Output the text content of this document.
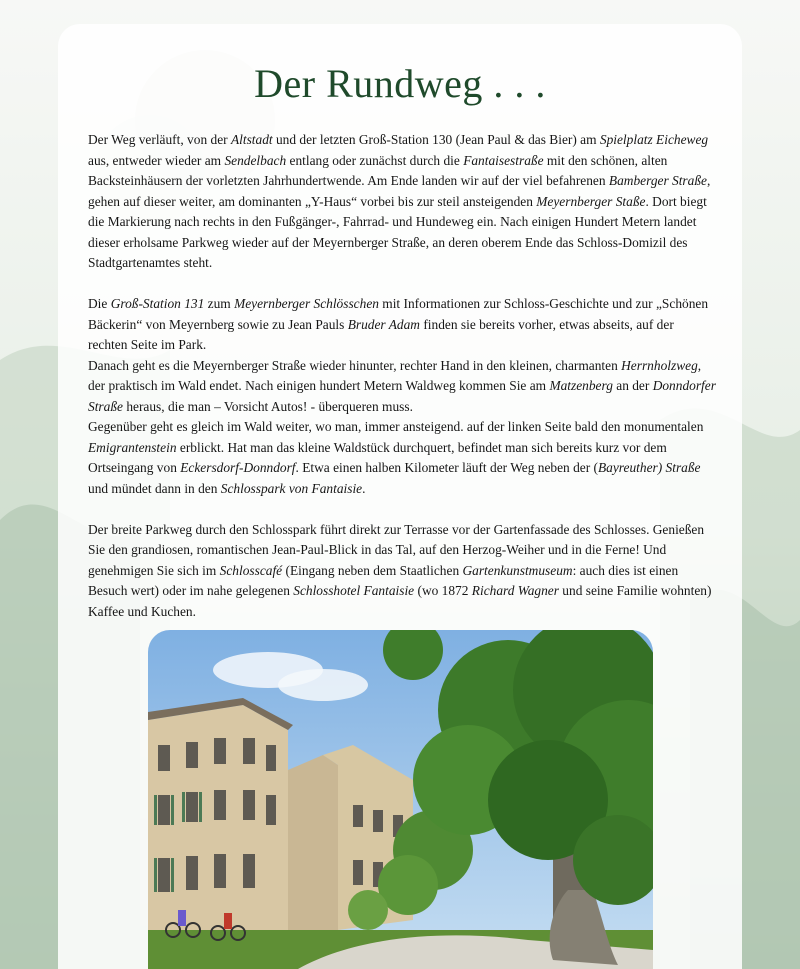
Der Rundweg . . .

Der Weg verläuft, von der Altstadt und der letzten Groß-Station 130 (Jean Paul & das Bier) am Spielplatz Eicheweg aus, entweder wieder am Sendelbach entlang oder zunächst durch die Fantaisestraße mit den schönen, alten Backsteinhäusern der vorletzten Jahrhundertwende. Am Ende landen wir auf der viel befahrenen Bamberger Straße, gehen auf dieser weiter, am dominanten „Y-Haus“ vorbei bis zur steil ansteigenden Meyernberger Staße. Dort biegt die Markierung nach rechts in den Fußgänger-, Fahrrad- und Hundeweg ein. Nach einigen Hundert Metern landet dieser erholsame Parkweg wieder auf der Meyernberger Straße, an deren oberem Ende das Schloss-Domizil des Stadtgartenamtes steht.

Die Groß-Station 131 zum Meyernberger Schlösschen mit Informationen zur Schloss-Geschichte und zur „Schönen Bäckerin“ von Meyernberg sowie zu Jean Pauls Bruder Adam finden sie bereits vorher, etwas abseits, auf der rechten Seite im Park.
Danach geht es die Meyernberger Straße wieder hinunter, rechter Hand in den kleinen, charmanten Herrnholzweg, der praktisch im Wald endet. Nach einigen hundert Metern Waldweg kommen Sie am Matzenberg an der Donndorfer Straße heraus, die man – Vorsicht Autos! - überqueren muss.
Gegenüber geht es gleich im Wald weiter, wo man, immer ansteigend. auf der linken Seite bald den monumentalen Emigrantenstein erblickt. Hat man das kleine Waldstück durchquert, befindet man sich bereits kurz vor dem Ortseingang von Eckersdorf-Donndorf. Etwa einen halben Kilometer läuft der Weg neben der (Bayreuther) Straße und mündet dann in den Schlosspark von Fantaisie.

Der breite Parkweg durch den Schlosspark führt direkt zur Terrasse vor der Gartenfassade des Schlosses. Genießen Sie den grandiosen, romantischen Jean-Paul-Blick in das Tal, auf den Herzog-Weiher und in die Ferne! Und genehmigen Sie sich im Schlosscafé (Eingang neben dem Staatlichen Gartenkunstmuseum: auch dies ist einen Besuch wert) oder im nahe gelegenen Schlosshotel Fantaisie (wo 1872 Richard Wagner und seine Familie wohnten) Kaffee und Kuchen.
